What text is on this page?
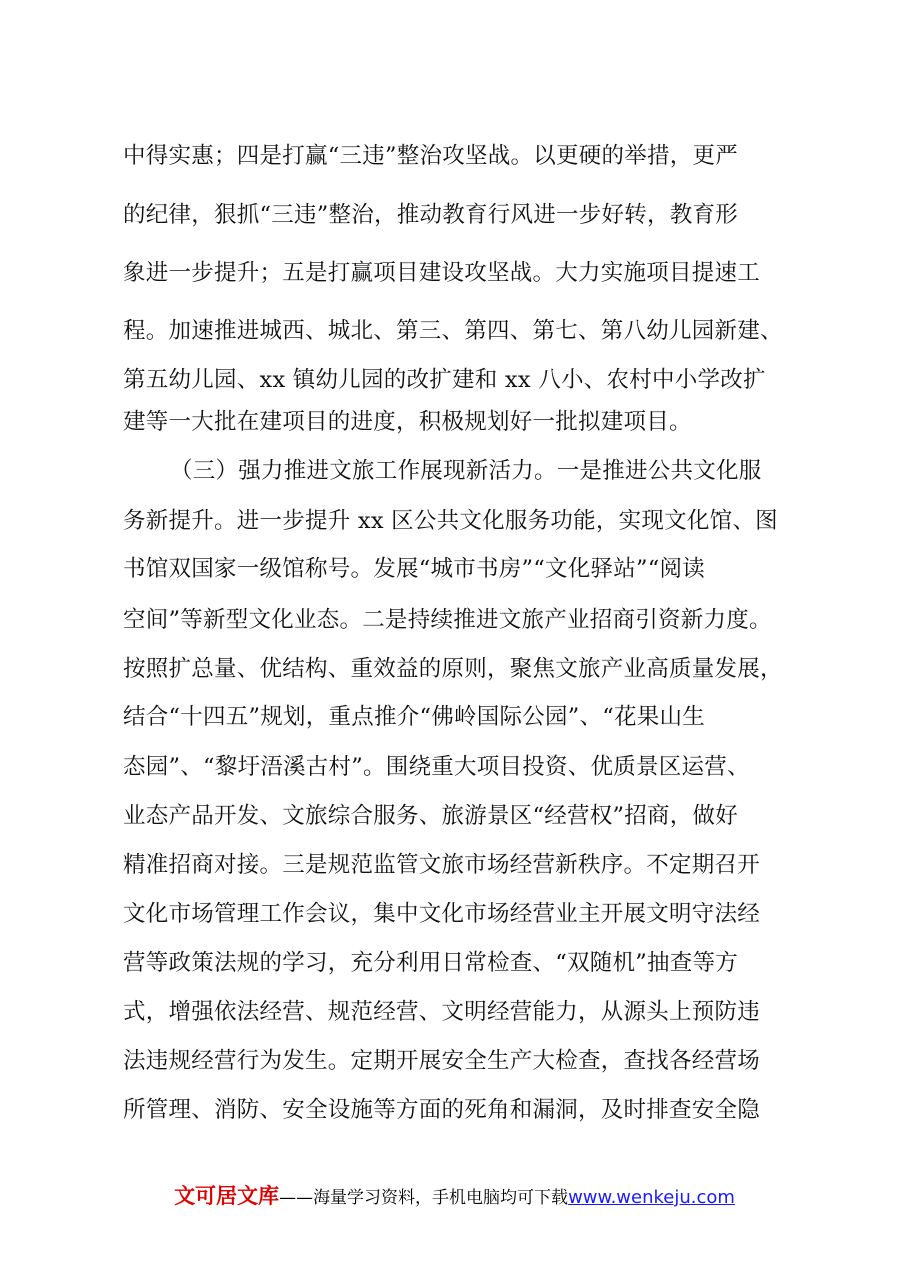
中得实惠；四是打赢“三违”整治攻坚战。以更硬的举措，更严
的纪律，狠抓“三违”整治，推动教育行风进一步好转，教育形
象进一步提升；五是打赢项目建设攻坚战。大力实施项目提速工
程。加速推进城西、城北、第三、第四、第七、第八幼儿园新建、
第五幼儿园、xx 镇幼儿园的改扩建和 xx 八小、农村中小学改扩
建等一大批在建项目的进度，积极规划好一批拟建项目。
（三）强力推进文旅工作展现新活力。一是推进公共文化服
务新提升。进一步提升 xx 区公共文化服务功能，实现文化馆、图
书馆双国家一级馆称号。发展“城市书房”“文化驿站”“阅读
空间”等新型文化业态。二是持续推进文旅产业招商引资新力度。
按照扩总量、优结构、重效益的原则，聚焦文旅产业高质量发展，
结合“十四五”规划，重点推介“佛岭国际公园”、“花果山生
态园”、“黎圩浯溪古村”。围绕重大项目投资、优质景区运营、
业态产品开发、文旅综合服务、旅游景区“经营权”招商，做好
精准招商对接。三是规范监管文旅市场经营新秩序。不定期召开
文化市场管理工作会议，集中文化市场经营业主开展文明守法经
营等政策法规的学习，充分利用日常检查、“双随机”抽查等方
式，增强依法经营、规范经营、文明经营能力，从源头上预防违
法违规经营行为发生。定期开展安全生产大检查，查找各经营场
所管理、消防、安全设施等方面的死角和漏洞，及时排查安全隐
文可居文库——海量学习资料，手机电脑均可下载www.wenkeju.com
